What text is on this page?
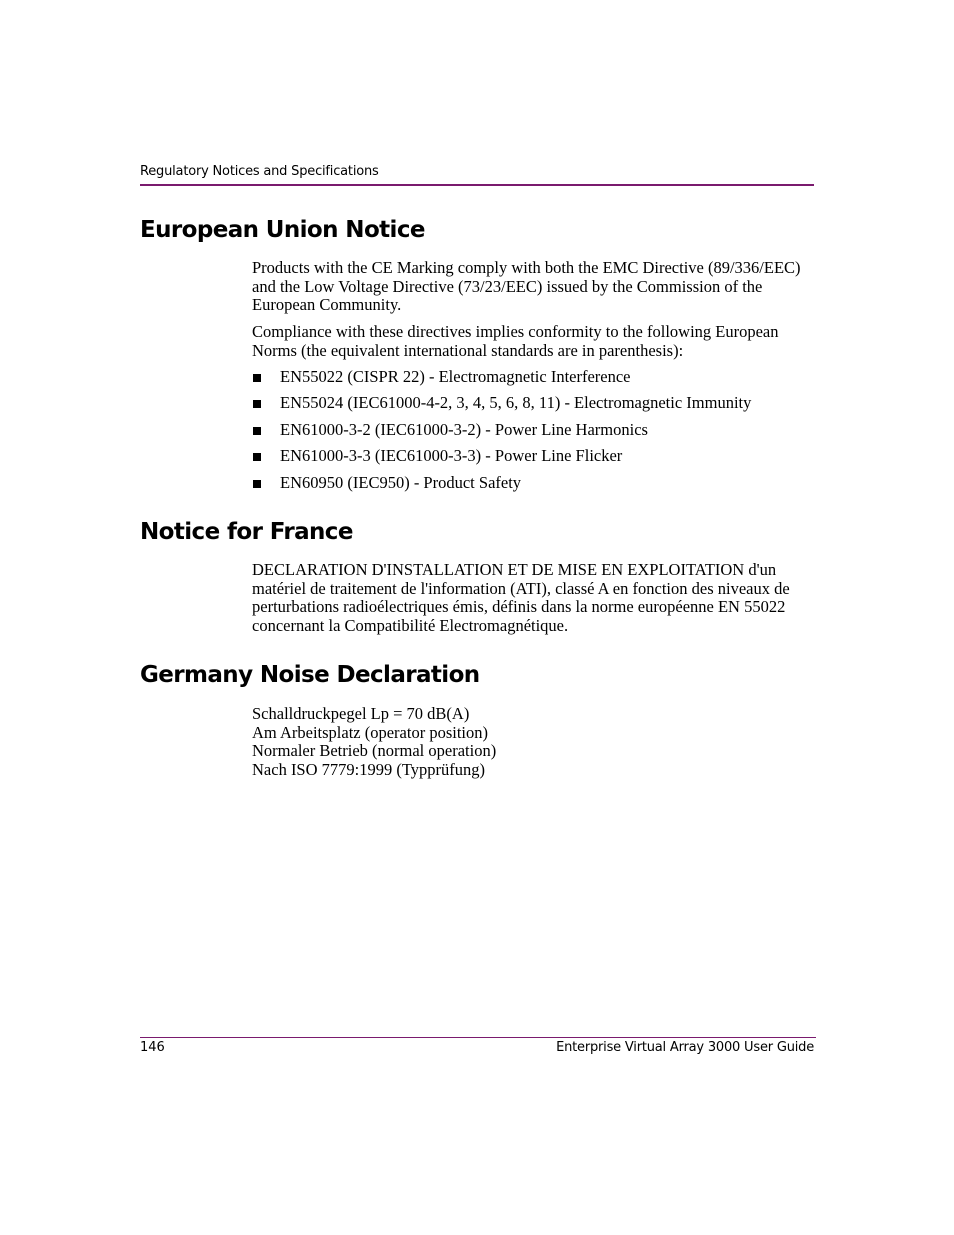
Regulatory Notices and Specifications
European Union Notice

Products with the CE Marking comply with both the EMC Directive (89/336/EEC) and the Low Voltage Directive (73/23/EEC) issued by the Commission of the European Community.

Compliance with these directives implies conformity to the following European Norms (the equivalent international standards are in parenthesis):

EN55022 (CISPR 22) - Electromagnetic Interference
EN55024 (IEC61000-4-2, 3, 4, 5, 6, 8, 11) - Electromagnetic Immunity
EN61000-3-2 (IEC61000-3-2) - Power Line Harmonics
EN61000-3-3 (IEC61000-3-3) - Power Line Flicker
EN60950 (IEC950) - Product Safety
Notice for France

DECLARATION D'INSTALLATION ET DE MISE EN EXPLOITATION d'un matériel de traitement de l'information (ATI), classé A en fonction des niveaux de perturbations radioélectriques émis, définis dans la norme européenne EN 55022 concernant la Compatibilité Electromagnétique.

Germany Noise Declaration

Schalldruckpegel Lp = 70 dB(A)

Am Arbeitsplatz (operator position)

Normaler Betrieb (normal operation)

Nach ISO 7779:1999 (Typprüfung)

146	Enterprise Virtual Array 3000 User Guide
